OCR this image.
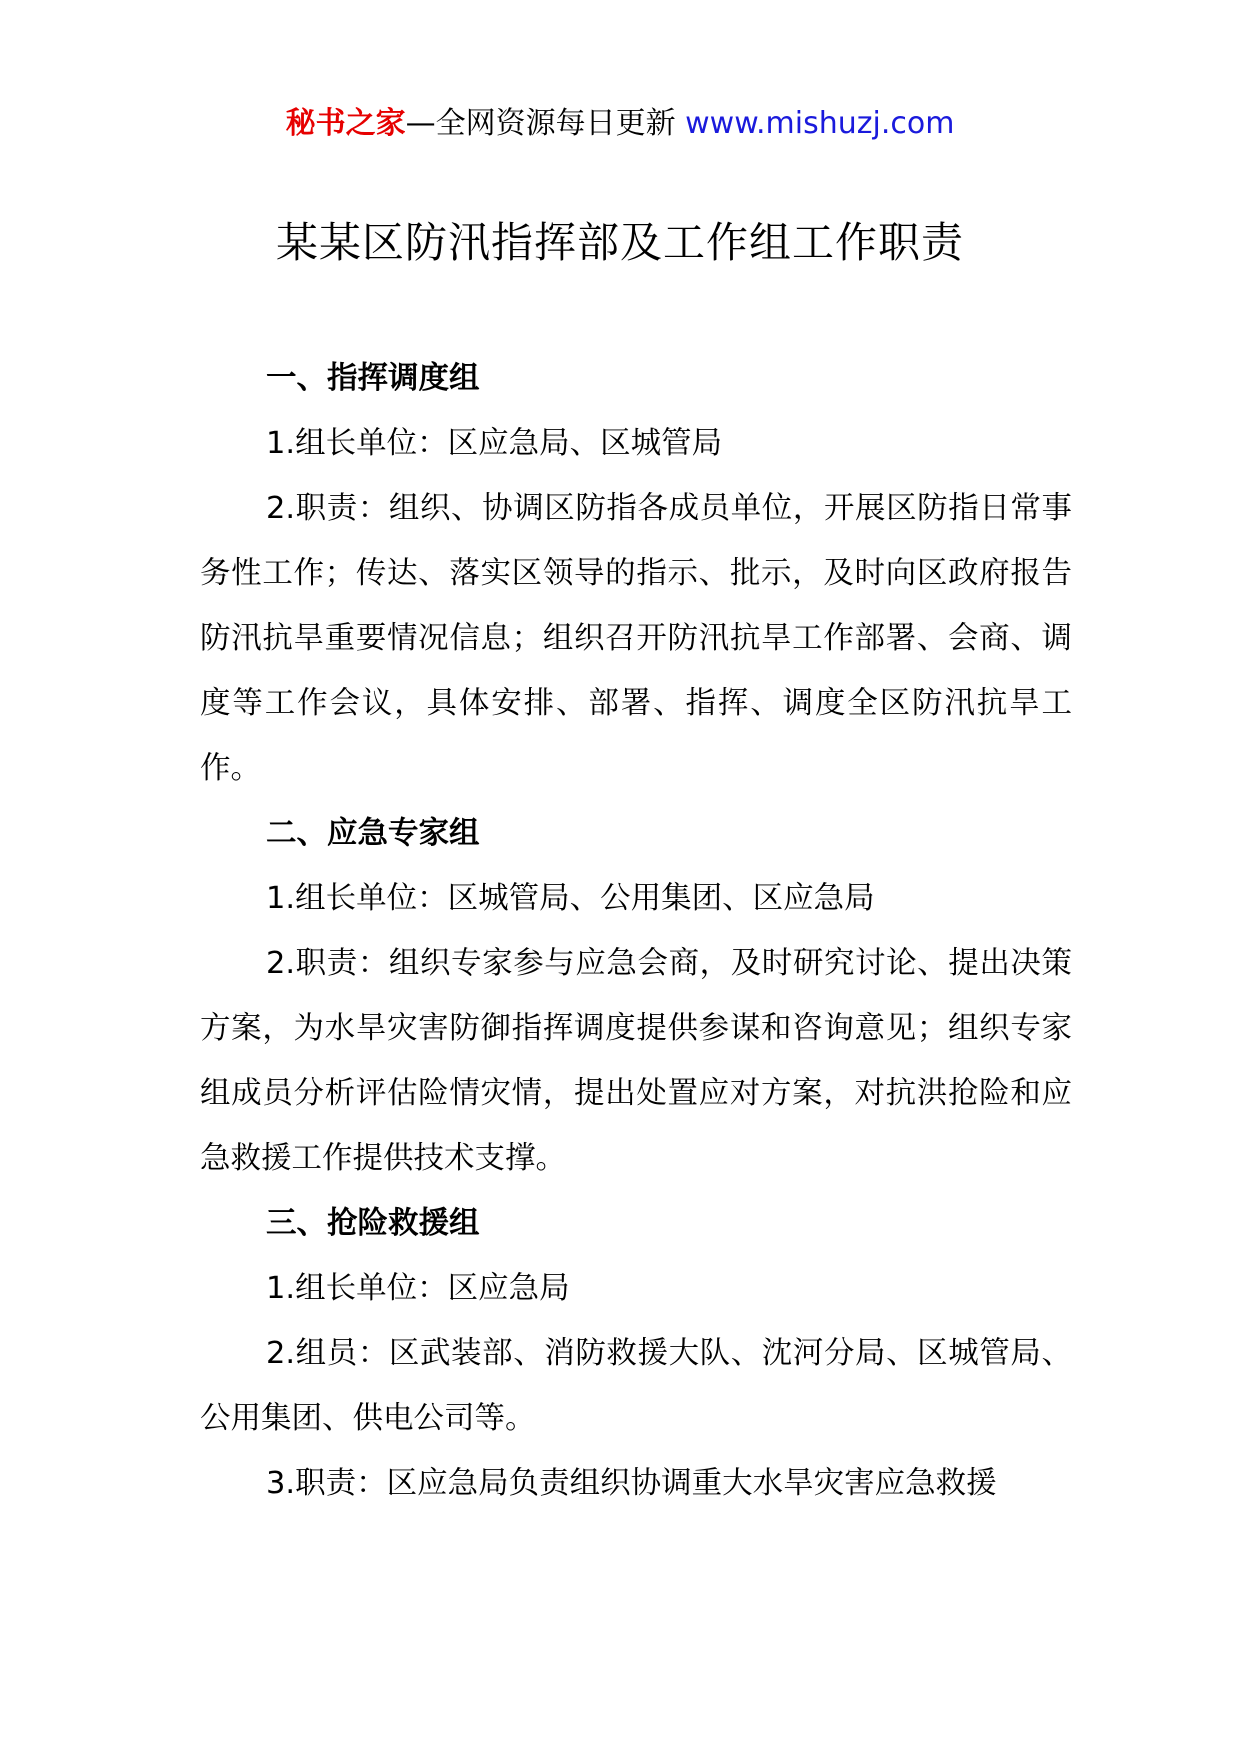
秘书之家—全网资源每日更新 www.mishuzj.com
某某区防汛指挥部及工作组工作职责

一、指挥调度组

1.组长单位：区应急局、区城管局

2.职责：组织、协调区防指各成员单位，开展区防指日常事务性工作；传达、落实区领导的指示、批示，及时向区政府报告防汛抗旱重要情况信息；组织召开防汛抗旱工作部署、会商、调度等工作会议，具体安排、部署、指挥、调度全区防汛抗旱工作。

二、应急专家组

1.组长单位：区城管局、公用集团、区应急局

2.职责：组织专家参与应急会商，及时研究讨论、提出决策方案，为水旱灾害防御指挥调度提供参谋和咨询意见；组织专家组成员分析评估险情灾情，提出处置应对方案，对抗洪抢险和应急救援工作提供技术支撑。

三、抢险救援组

1.组长单位：区应急局

2.组员：区武装部、消防救援大队、沈河分局、区城管局、公用集团、供电公司等。

3.职责：区应急局负责组织协调重大水旱灾害应急救援
